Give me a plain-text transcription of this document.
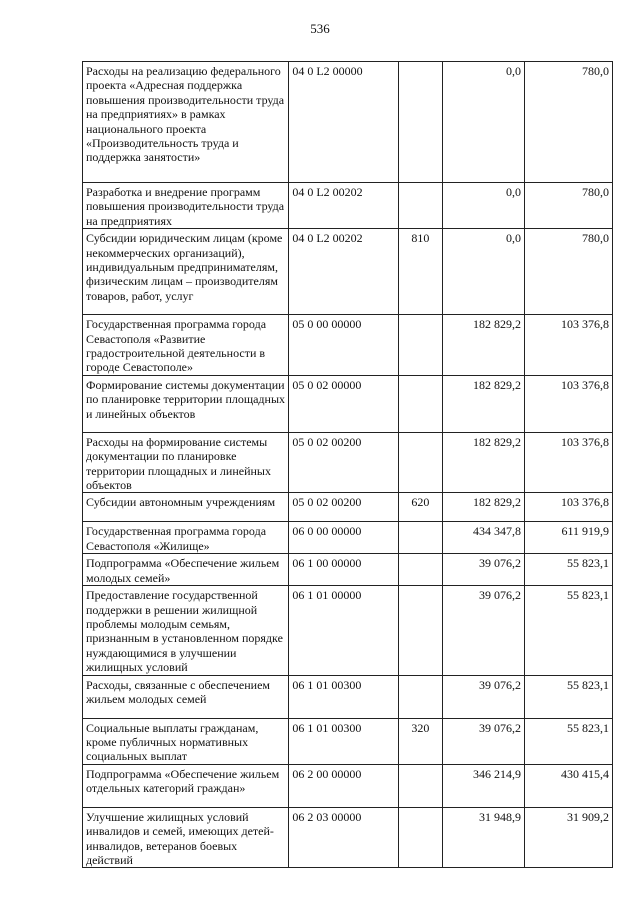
536
Расходы на реализацию федерального проекта «Адресная поддержка повышения производительности труда на предприятиях» в рамках национального проекта «Производительность труда и поддержка занятости»	04 0 L2 00000		0,0	780,0
Разработка и внедрение программ повышения производительности труда на предприятиях	04 0 L2 00202		0,0	780,0
Субсидии юридическим лицам (кроме некоммерческих организаций), индивидуальным предпринимателям, физическим лицам – производителям товаров, работ, услуг	04 0 L2 00202	810	0,0	780,0
Государственная программа города Севастополя «Развитие градостроительной деятельности в городе Севастополе»	05 0 00 00000		182 829,2	103 376,8
Формирование системы документации по планировке территории площадных и линейных объектов	05 0 02 00000		182 829,2	103 376,8
Расходы на формирование системы документации по планировке территории площадных и линейных объектов	05 0 02 00200		182 829,2	103 376,8
Субсидии автономным учреждениям	05 0 02 00200	620	182 829,2	103 376,8
Государственная программа города Севастополя «Жилище»	06 0 00 00000		434 347,8	611 919,9
Подпрограмма «Обеспечение жильем молодых семей»	06 1 00 00000		39 076,2	55 823,1
Предоставление государственной поддержки в решении жилищной проблемы молодым семьям, признанным в установленном порядке нуждающимися в улучшении жилищных условий	06 1 01 00000		39 076,2	55 823,1
Расходы, связанные с обеспечением жильем молодых семей	06 1 01 00300		39 076,2	55 823,1
Социальные выплаты гражданам, кроме публичных нормативных социальных выплат	06 1 01 00300	320	39 076,2	55 823,1
Подпрограмма «Обеспечение жильем отдельных категорий граждан»	06 2 00 00000		346 214,9	430 415,4
Улучшение жилищных условий инвалидов и семей, имеющих детей-инвалидов, ветеранов боевых действий	06 2 03 00000		31 948,9	31 909,2
